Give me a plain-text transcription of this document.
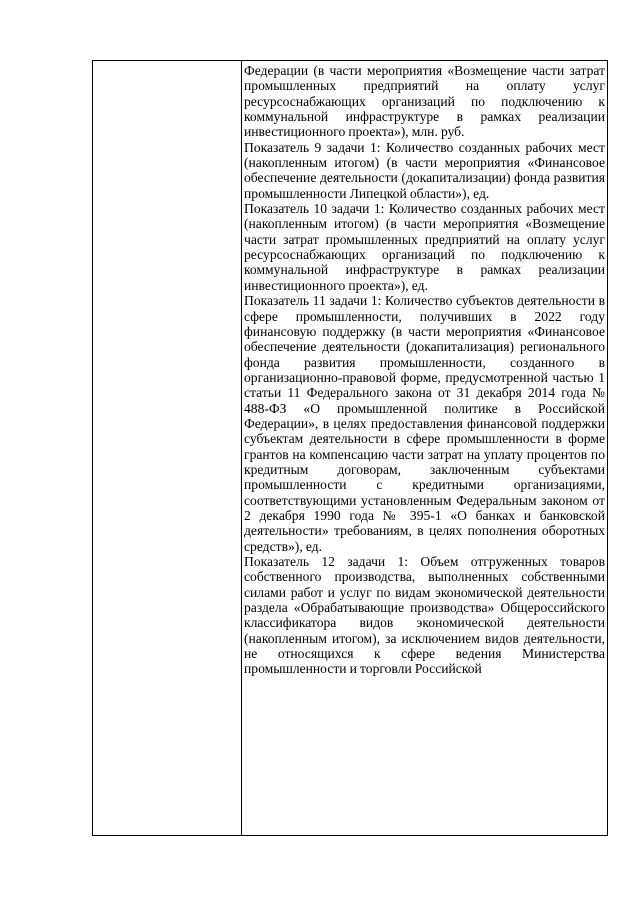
Федерации (в части мероприятия «Возмещение части затрат промышленных предприятий на оплату услуг ресурсоснабжающих организаций по подключению к коммунальной инфраструктуре в рамках реализации инвестиционного проекта»), млн. руб.

Показатель 9 задачи 1: Количество созданных рабочих мест (накопленным итогом) (в части мероприятия «Финансовое обеспечение деятельности (докапитализации) фонда развития промышленности Липецкой области»), ед.

Показатель 10 задачи 1: Количество созданных рабочих мест (накопленным итогом) (в части мероприятия «Возмещение части затрат промышленных предприятий на оплату услуг ресурсоснабжающих организаций по подключению к коммунальной инфраструктуре в рамках реализации инвестиционного проекта»), ед.

Показатель 11 задачи 1: Количество субъектов деятельности в сфере промышленности, получивших в 2022 году финансовую поддержку (в части мероприятия «Финансовое обеспечение деятельности (докапитализация) регионального фонда развития промышленности, созданного в организационно-правовой форме, предусмотренной частью 1 статьи 11 Федерального закона от 31 декабря 2014 года № 488-ФЗ «О промышленной политике в Российской Федерации», в целях предоставления финансовой поддержки субъектам деятельности в сфере промышленности в форме грантов на компенсацию части затрат на уплату процентов по кредитным договорам, заключенным субъектами промышленности с кредитными организациями, соответствующими установленным Федеральным законом от 2 декабря 1990 года № 395-1 «О банках и банковской деятельности» требованиям, в целях пополнения оборотных средств»), ед.

Показатель 12 задачи 1: Объем отгруженных товаров собственного производства, выполненных собственными силами работ и услуг по видам экономической деятельности раздела «Обрабатывающие производства» Общероссийского классификатора видов экономической деятельности (накопленным итогом), за исключением видов деятельности, не относящихся к сфере ведения Министерства промышленности и торговли Российской
